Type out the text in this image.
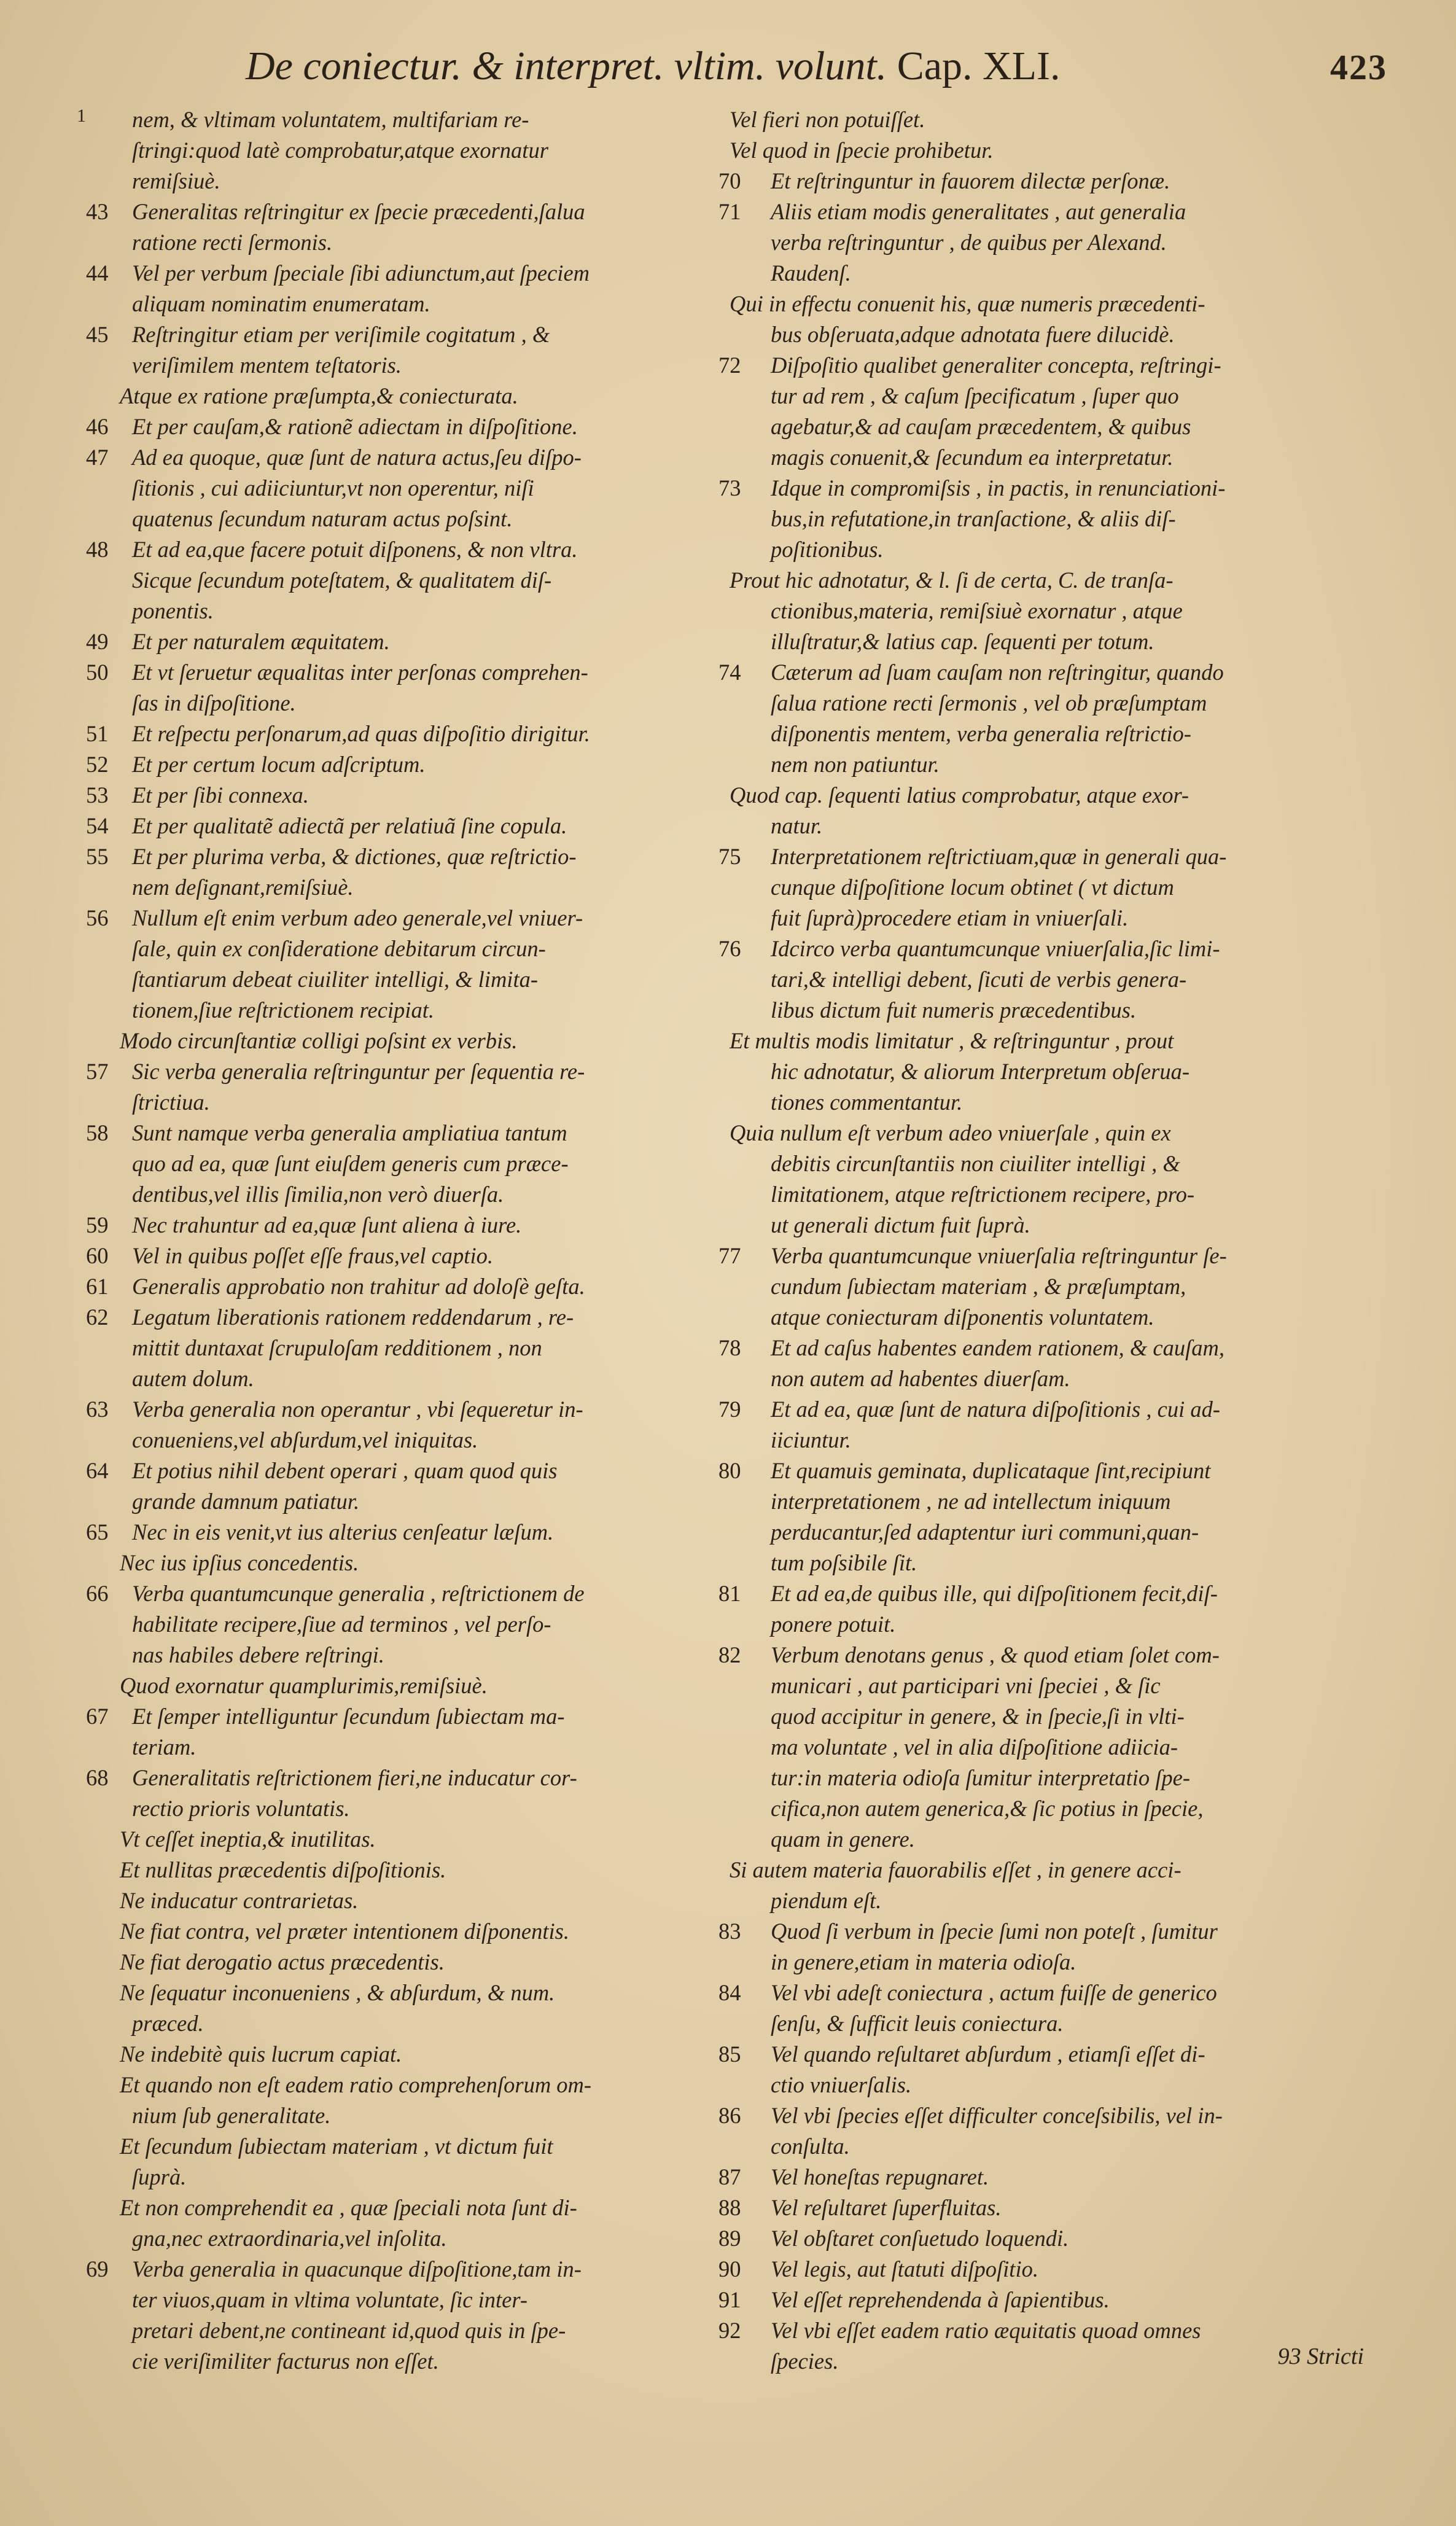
De coniectur. & interpret. vltim. volunt. Cap. XLI.	423
1	nem, & vltimam voluntatem, multifariam re-
ſtringi:quod latè comprobatur,atque exornatur
remiſsiuè.
43	Generalitas reſtringitur ex ſpecie præcedenti,ſalua
ratione recti ſermonis.
44	Vel per verbum ſpeciale ſibi adiunctum,aut ſpeciem
aliquam nominatim enumeratam.
45	Reſtringitur etiam per veriſimile cogitatum , &
veriſimilem mentem teſtatoris.
Atque ex ratione præſumpta,& coniecturata.
46	Et per cauſam,& rationẽ adiectam in diſpoſitione.
47	Ad ea quoque, quæ ſunt de natura actus,ſeu diſpo-
ſitionis , cui adiiciuntur,vt non operentur, niſi
quatenus ſecundum naturam actus poſsint.
48	Et ad ea,que facere potuit diſponens, & non vltra.
Sicque ſecundum poteſtatem, & qualitatem diſ-
ponentis.
49	Et per naturalem æquitatem.
50	Et vt ſeruetur æqualitas inter perſonas comprehen-
ſas in diſpoſitione.
51	Et reſpectu perſonarum,ad quas diſpoſitio dirigitur.
52	Et per certum locum adſcriptum.
53	Et per ſibi connexa.
54	Et per qualitatẽ adiectã per relatiuã ſine copula.
55	Et per plurima verba, & dictiones, quæ reſtrictio-
nem deſignant,remiſsiuè.
56	Nullum eſt enim verbum adeo generale,vel vniuer-
ſale, quin ex conſideratione debitarum circun-
ſtantiarum debeat ciuiliter intelligi, & limita-
tionem,ſiue reſtrictionem recipiat.
Modo circunſtantiæ colligi poſsint ex verbis.
57	Sic verba generalia reſtringuntur per ſequentia re-
ſtrictiua.
58	Sunt namque verba generalia ampliatiua tantum
quo ad ea, quæ ſunt eiuſdem generis cum præce-
dentibus,vel illis ſimilia,non verò diuerſa.
59	Nec trahuntur ad ea,quæ ſunt aliena à iure.
60	Vel in quibus poſſet eſſe fraus,vel captio.
61	Generalis approbatio non trahitur ad doloſè geſta.
62	Legatum liberationis rationem reddendarum , re-
mittit duntaxat ſcrupuloſam redditionem , non
autem dolum.
63	Verba generalia non operantur , vbi ſequeretur in-
conueniens,vel abſurdum,vel iniquitas.
64	Et potius nihil debent operari , quam quod quis
grande damnum patiatur.
65	Nec in eis venit,vt ius alterius cenſeatur læſum.
Nec ius ipſius concedentis.
66	Verba quantumcunque generalia , reſtrictionem de
habilitate recipere,ſiue ad terminos , vel perſo-
nas habiles debere reſtringi.
Quod exornatur quamplurimis,remiſsiuè.
67	Et ſemper intelliguntur ſecundum ſubiectam ma-
teriam.
68	Generalitatis reſtrictionem fieri,ne inducatur cor-
rectio prioris voluntatis.
Vt ceſſet ineptia,& inutilitas.
Et nullitas præcedentis diſpoſitionis.
Ne inducatur contrarietas.
Ne fiat contra, vel præter intentionem diſponentis.
Ne fiat derogatio actus præcedentis.
Ne ſequatur inconueniens , & abſurdum, & num.
præced.
Ne indebitè quis lucrum capiat.
Et quando non eſt eadem ratio comprehenſorum om-
nium ſub generalitate.
Et ſecundum ſubiectam materiam , vt dictum fuit
ſuprà.
Et non comprehendit ea , quæ ſpeciali nota ſunt di-
gna,nec extraordinaria,vel inſolita.
69	Verba generalia in quacunque diſpoſitione,tam in-
ter viuos,quam in vltima voluntate, ſic inter-
pretari debent,ne contineant id,quod quis in ſpe-
cie veriſimiliter facturus non eſſet.
Vel fieri non potuiſſet.
Vel quod in ſpecie prohibetur.
70	Et reſtringuntur in fauorem dilectæ perſonæ.
71	Aliis etiam modis generalitates , aut generalia
verba reſtringuntur , de quibus per Alexand.
Raudenſ.
Qui in effectu conuenit his, quæ numeris præcedenti-
bus obſeruata,adque adnotata fuere dilucidè.
72	Diſpoſitio qualibet generaliter concepta, reſtringi-
tur ad rem , & caſum ſpecificatum , ſuper quo
agebatur,& ad cauſam præcedentem, & quibus
magis conuenit,& ſecundum ea interpretatur.
73	Idque in compromiſsis , in pactis, in renunciationi-
bus,in refutatione,in tranſactione, & aliis diſ-
poſitionibus.
Prout hic adnotatur, & l. ſi de certa, C. de tranſa-
ctionibus,materia, remiſsiuè exornatur , atque
illuſtratur,& latius cap. ſequenti per totum.
74	Cæterum ad ſuam cauſam non reſtringitur, quando
ſalua ratione recti ſermonis , vel ob præſumptam
diſponentis mentem, verba generalia reſtrictio-
nem non patiuntur.
Quod cap. ſequenti latius comprobatur, atque exor-
natur.
75	Interpretationem reſtrictiuam,quæ in generali qua-
cunque diſpoſitione locum obtinet ( vt dictum
fuit ſuprà)procedere etiam in vniuerſali.
76	Idcirco verba quantumcunque vniuerſalia,ſic limi-
tari,& intelligi debent, ſicuti de verbis genera-
libus dictum fuit numeris præcedentibus.
Et multis modis limitatur , & reſtringuntur , prout
hic adnotatur, & aliorum Interpretum obſerua-
tiones commentantur.
Quia nullum eſt verbum adeo vniuerſale , quin ex
debitis circunſtantiis non ciuiliter intelligi , &
limitationem, atque reſtrictionem recipere, pro-
ut generali dictum fuit ſuprà.
77	Verba quantumcunque vniuerſalia reſtringuntur ſe-
cundum ſubiectam materiam , & præſumptam,
atque coniecturam diſponentis voluntatem.
78	Et ad caſus habentes eandem rationem, & cauſam,
non autem ad habentes diuerſam.
79	Et ad ea, quæ ſunt de natura diſpoſitionis , cui ad-
iiciuntur.
80	Et quamuis geminata, duplicataque ſint,recipiunt
interpretationem , ne ad intellectum iniquum
perducantur,ſed adaptentur iuri communi,quan-
tum poſsibile ſit.
81	Et ad ea,de quibus ille, qui diſpoſitionem fecit,diſ-
ponere potuit.
82	Verbum denotans genus , & quod etiam ſolet com-
municari , aut participari vni ſpeciei , & ſic
quod accipitur in genere, & in ſpecie,ſi in vlti-
ma voluntate , vel in alia diſpoſitione adiicia-
tur:in materia odioſa ſumitur interpretatio ſpe-
cifica,non autem generica,& ſic potius in ſpecie,
quam in genere.
Si autem materia fauorabilis eſſet , in genere acci-
piendum eſt.
83	Quod ſi verbum in ſpecie ſumi non poteſt , ſumitur
in genere,etiam in materia odioſa.
84	Vel vbi adeſt coniectura , actum fuiſſe de generico
ſenſu, & ſufficit leuis coniectura.
85	Vel quando reſultaret abſurdum , etiamſi eſſet di-
ctio vniuerſalis.
86	Vel vbi ſpecies eſſet difficulter conceſsibilis, vel in-
conſulta.
87	Vel honeſtas repugnaret.
88	Vel reſultaret ſuperfluitas.
89	Vel obſtaret conſuetudo loquendi.
90	Vel legis, aut ſtatuti diſpoſitio.
91	Vel eſſet reprehendenda à ſapientibus.
92	Vel vbi eſſet eadem ratio æquitatis quoad omnes
ſpecies.	93 Stricti
